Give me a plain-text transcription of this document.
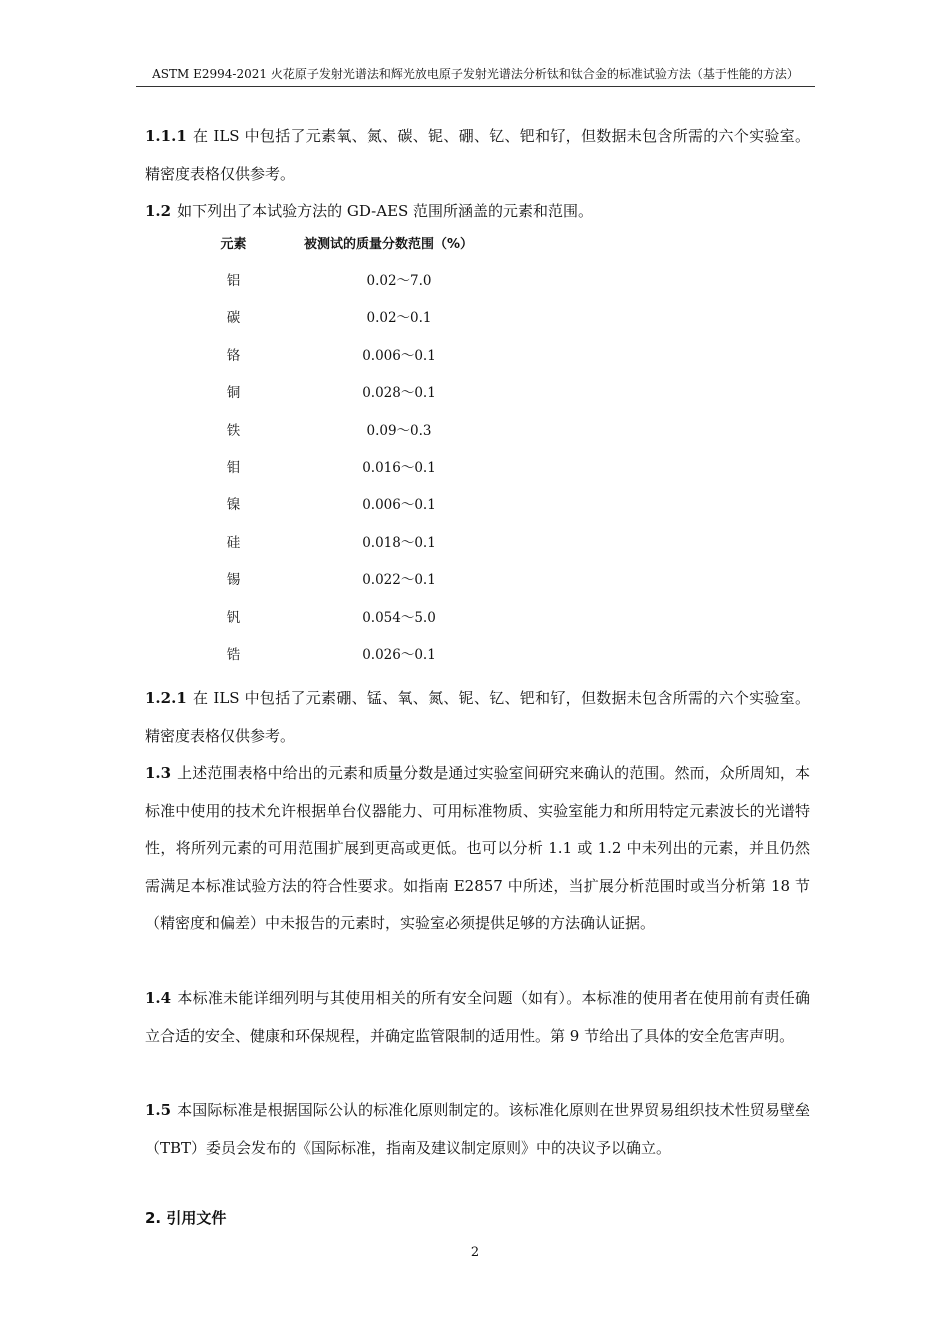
ASTM E2994-2021 火花原子发射光谱法和辉光放电原子发射光谱法分析钛和钛合金的标准试验方法（基于性能的方法）

1.1.1 在 ILS 中包括了元素氧、氮、碳、铌、硼、钇、钯和钌，但数据未包含所需的六个实验室。精密度表格仅供参考。

1.2 如下列出了本试验方法的 GD-AES 范围所涵盖的元素和范围。

元素	被测试的质量分数范围（%）
铝	0.02～7.0
碳	0.02～0.1
铬	0.006～0.1
铜	0.028～0.1
铁	0.09～0.3
钼	0.016～0.1
镍	0.006～0.1
硅	0.018～0.1
锡	0.022～0.1
钒	0.054～5.0
锆	0.026～0.1

1.2.1 在 ILS 中包括了元素硼、锰、氧、氮、铌、钇、钯和钌，但数据未包含所需的六个实验室。精密度表格仅供参考。

1.3 上述范围表格中给出的元素和质量分数是通过实验室间研究来确认的范围。然而，众所周知，本标准中使用的技术允许根据单台仪器能力、可用标准物质、实验室能力和所用特定元素波长的光谱特性，将所列元素的可用范围扩展到更高或更低。也可以分析 1.1 或 1.2 中未列出的元素，并且仍然需满足本标准试验方法的符合性要求。如指南 E2857 中所述，当扩展分析范围时或当分析第 18 节（精密度和偏差）中未报告的元素时，实验室必须提供足够的方法确认证据。

1.4 本标准未能详细列明与其使用相关的所有安全问题（如有）。本标准的使用者在使用前有责任确立合适的安全、健康和环保规程，并确定监管限制的适用性。第 9 节给出了具体的安全危害声明。

1.5 本国际标准是根据国际公认的标准化原则制定的。该标准化原则在世界贸易组织技术性贸易壁垒（TBT）委员会发布的《国际标准，指南及建议制定原则》中的决议予以确立。

2. 引用文件
2
